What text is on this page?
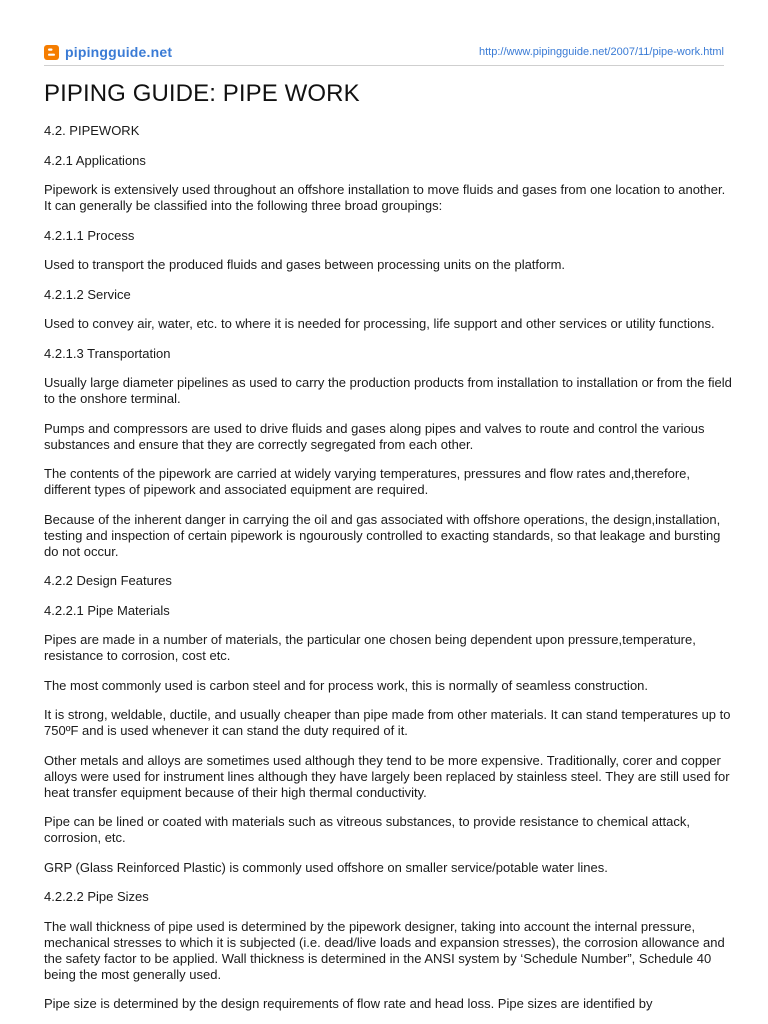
pipingguide.net	http://www.pipingguide.net/2007/11/pipe-work.html
PIPING GUIDE: PIPE WORK

4.2. PIPEWORK

4.2.1 Applications

Pipework is extensively used throughout an offshore installation to move fluids and gases from one location to another. It can generally be classified into the following three broad groupings:

4.2.1.1 Process

Used to transport the produced fluids and gases between processing units on the platform.

4.2.1.2 Service

Used to convey air, water, etc. to where it is needed for processing, life support and other services or utility functions.

4.2.1.3 Transportation

Usually large diameter pipelines as used to carry the production products from installation to installation or from the field to the onshore terminal.

Pumps and compressors are used to drive fluids and gases along pipes and valves to route and control the various substances and ensure that they are correctly segregated from each other.

The contents of the pipework are carried at widely varying temperatures, pressures and flow rates and,therefore, different types of pipework and associated equipment are required.

Because of the inherent danger in carrying the oil and gas associated with offshore operations, the design,installation, testing and inspection of certain pipework is ngourously controlled to exacting standards, so that leakage and bursting do not occur.

4.2.2 Design Features

4.2.2.1 Pipe Materials

Pipes are made in a number of materials, the particular one chosen being dependent upon pressure,temperature, resistance to corrosion, cost etc.

The most commonly used is carbon steel and for process work, this is normally of seamless construction.

It is strong, weldable, ductile, and usually cheaper than pipe made from other materials. It can stand temperatures up to 750ºF and is used whenever it can stand the duty required of it.

Other metals and alloys are sometimes used although they tend to be more expensive. Traditionally, corer and copper alloys were used for instrument lines although they have largely been replaced by stainless steel. They are still used for heat transfer equipment because of their high thermal conductivity.

Pipe can be lined or coated with materials such as vitreous substances, to provide resistance to chemical attack, corrosion, etc.

GRP (Glass Reinforced Plastic) is commonly used offshore on smaller service/potable water lines.

4.2.2.2 Pipe Sizes

The wall thickness of pipe used is determined by the pipework designer, taking into account the internal pressure, mechanical stresses to which it is subjected (i.e. dead/live loads and expansion stresses), the corrosion allowance and the safety factor to be applied. Wall thickness is determined in the ANSI system by ‘Schedule Number”, Schedule 40 being the most generally used.

Pipe size is determined by the design requirements of flow rate and head loss. Pipe sizes are identified by
